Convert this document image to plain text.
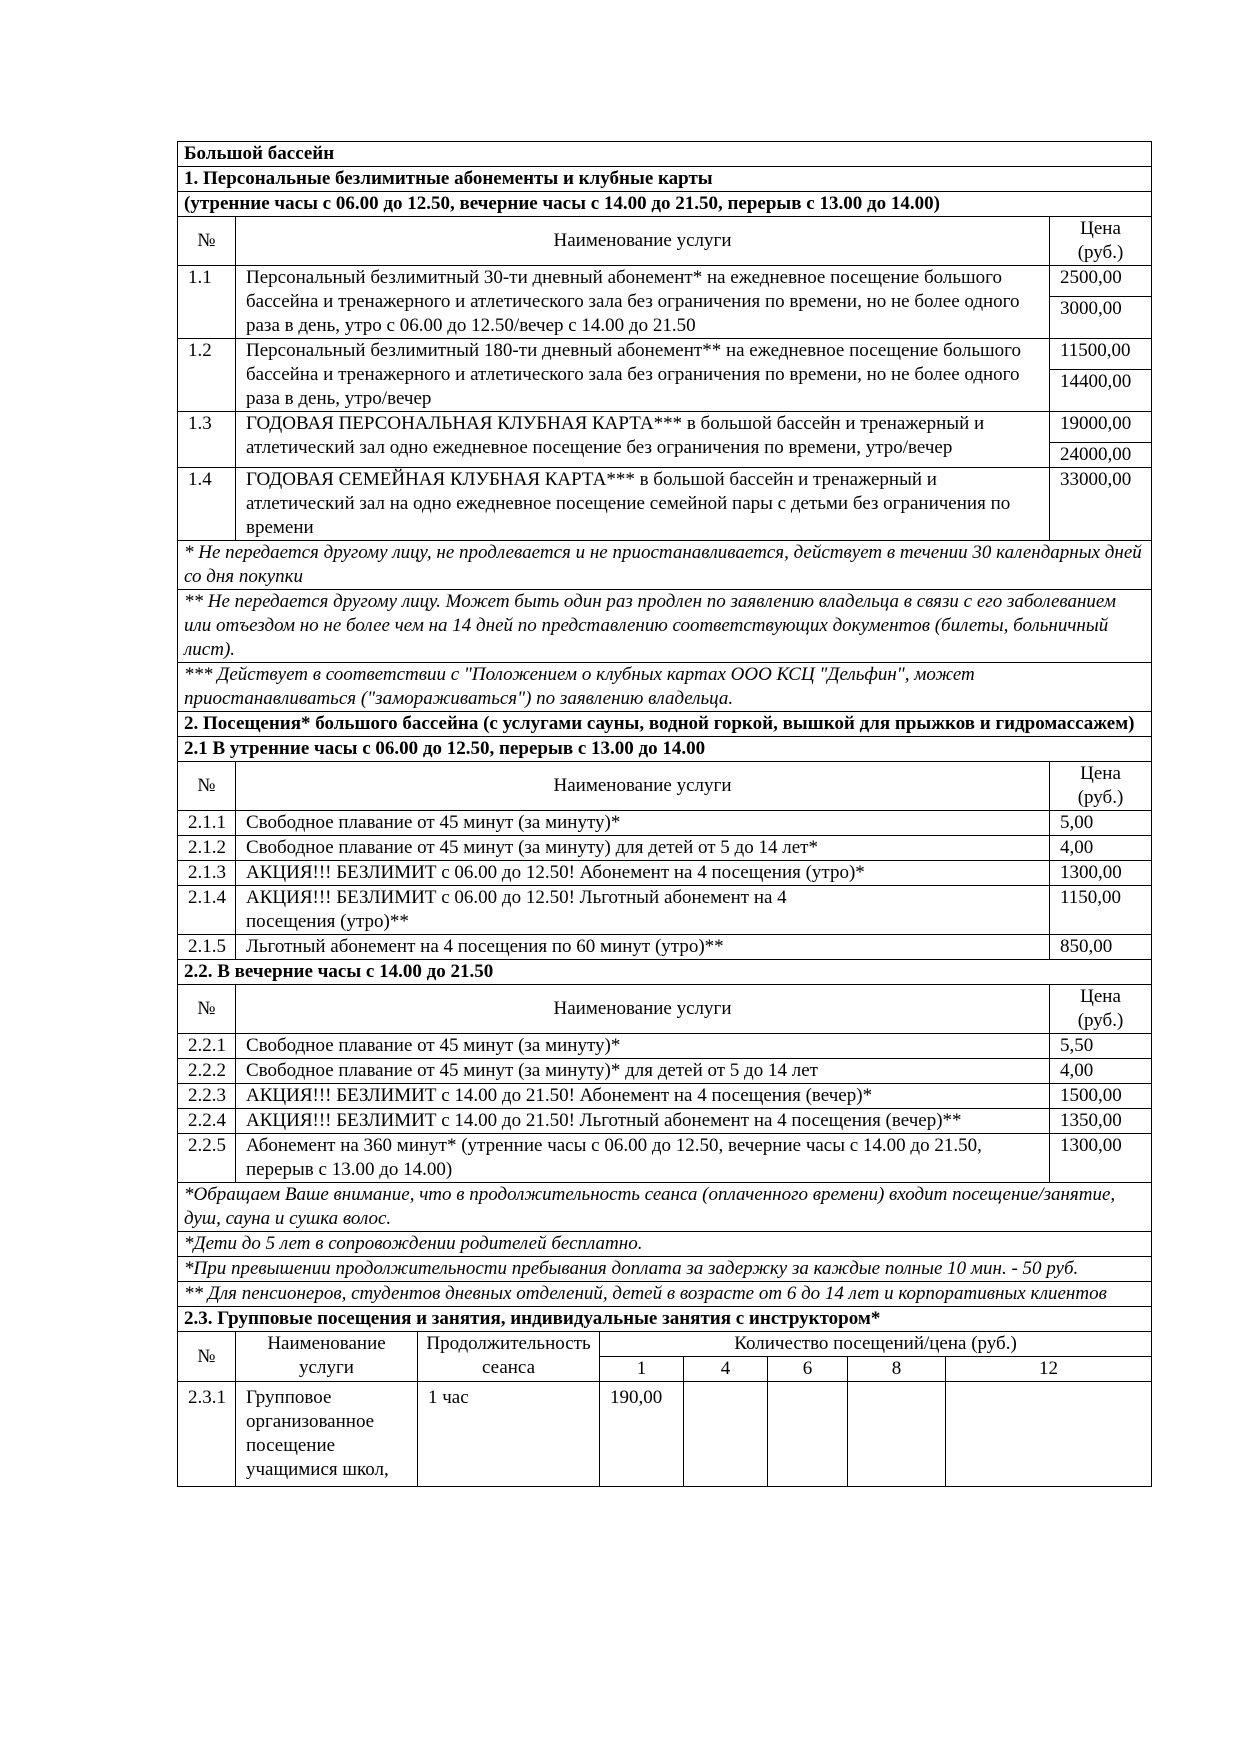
Большой бассейн								
1. Персональные безлимитные абонементы и клубные карты								
(утренние часы с 06.00 до 12.50, вечерние часы с 14.00 до 21.50, перерыв с 13.00 до 14.00)								
№	Наименование услуги							Цена (руб.)
1.1	Персональный безлимитный 30-ти дневный абонемент* на ежедневное посещение большого бассейна и тренажерного и атлетического зала без ограничения по времени, но не более одного раза в день, утро с 06.00 до 12.50/вечер с 14.00 до 21.50							2500,00
								3000,00
1.2	Персональный безлимитный 180-ти дневный абонемент** на ежедневное посещение большого бассейна и тренажерного и атлетического зала без ограничения по времени, но не более одного раза в день, утро/вечер							11500,00
								14400,00
1.3	ГОДОВАЯ ПЕРСОНАЛЬНАЯ КЛУБНАЯ КАРТА*** в большой бассейн и тренажерный и атлетический зал одно ежедневное посещение без ограничения по времени, утро/вечер							19000,00
								24000,00
1.4	ГОДОВАЯ СЕМЕЙНАЯ КЛУБНАЯ КАРТА*** в большой бассейн и тренажерный и атлетический зал на одно ежедневное посещение семейной пары с детьми без ограничения по времени							33000,00
* Не передается другому лицу, не продлевается и не приостанавливается, действует в течении 30 календарных дней со дня покупки								
** Не передается другому лицу. Может быть один раз продлен по заявлению владельца в связи с его заболеванием или отъездом но не более чем на 14 дней по представлению соответствующих документов (билеты, больничный лист).								
*** Действует в соответствии с "Положением о клубных картах ООО КСЦ "Дельфин", может приостанавливаться ("замораживаться") по заявлению владельца.								
2. Посещения* большого бассейна (с услугами сауны, водной горкой, вышкой для прыжков и гидромассажем)								
2.1 В утренние часы с 06.00 до 12.50, перерыв с 13.00 до 14.00								
№	Наименование услуги							Цена (руб.)
2.1.1	Свободное плавание от 45 минут (за минуту)*							5,00
2.1.2	Свободное плавание от 45 минут (за минуту) для детей от 5 до 14 лет*							4,00
2.1.3	АКЦИЯ!!! БЕЗЛИМИТ с 06.00 до 12.50! Абонемент на 4 посещения (утро)*							1300,00
2.1.4	АКЦИЯ!!! БЕЗЛИМИТ с 06.00 до 12.50! Льготный абонемент на 4 посещения (утро)**							1150,00
2.1.5	Льготный абонемент на 4 посещения по 60 минут (утро)**							850,00
2.2. В вечерние часы с 14.00 до 21.50								
№	Наименование услуги							Цена (руб.)
2.2.1	Свободное плавание от 45 минут (за минуту)*							5,50
2.2.2	Свободное плавание от 45 минут (за минуту)* для детей от 5 до 14 лет							4,00
2.2.3	АКЦИЯ!!! БЕЗЛИМИТ с 14.00 до 21.50! Абонемент на 4 посещения (вечер)*							1500,00
2.2.4	АКЦИЯ!!! БЕЗЛИМИТ с 14.00 до 21.50! Льготный абонемент на 4 посещения (вечер)**							1350,00
2.2.5	Абонемент на 360 минут* (утренние часы с 06.00 до 12.50, вечерние часы с 14.00 до 21.50, перерыв с 13.00 до 14.00)							1300,00
*Обращаем Ваше внимание, что в продолжительность сеанса (оплаченного времени) входит посещение/занятие, душ, сауна и сушка волос.								
*Дети до 5 лет в сопровождении родителей бесплатно.								
*При превышении продолжительности пребывания доплата за задержку за каждые полные 10 мин. - 50 руб.								
** Для пенсионеров, студентов дневных отделений, детей в возрасте от 6 до 14 лет и корпоративных клиентов								
2.3. Групповые посещения и занятия, индивидуальные занятия с инструктором*								
№	Наименование услуги	Продолжительность сеанса	Количество посещений/цена (руб.)					
			1	4	6	8	12	
2.3.1	Групповое организованное посещение учащимися школ,	1 час	190,00					
